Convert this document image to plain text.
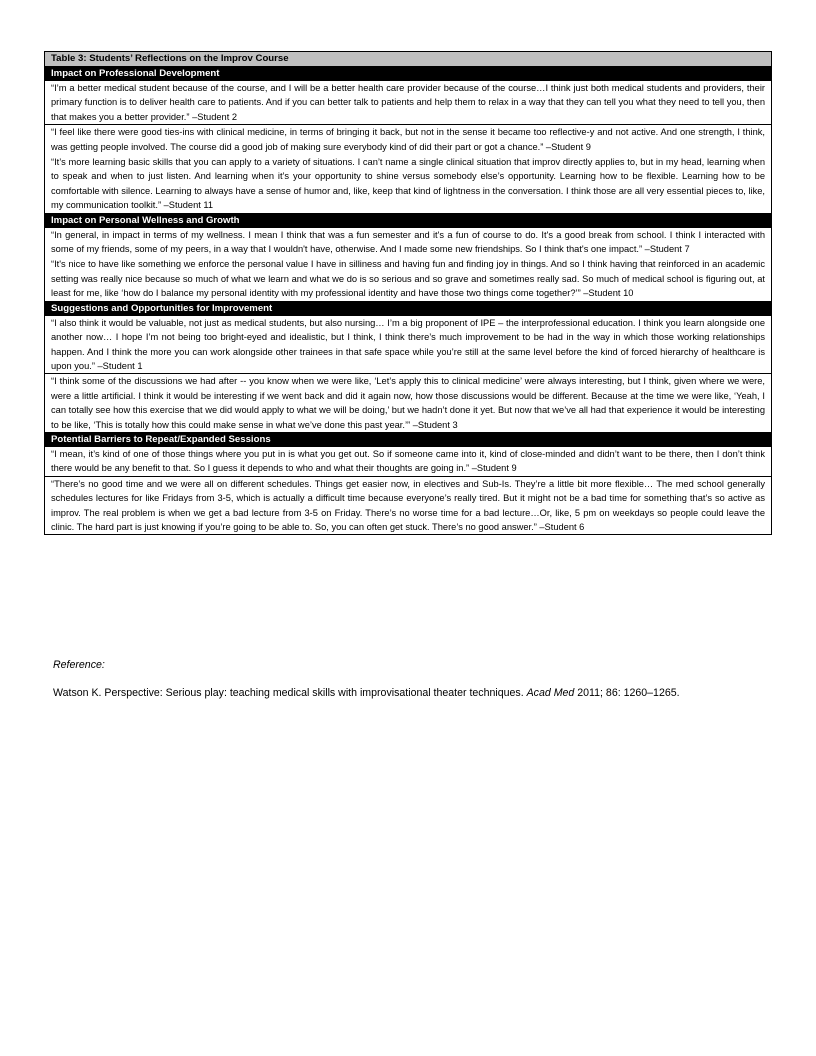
Table 3: Students’ Reflections on the Improv Course
Impact on Professional Development
“I’m a better medical student because of the course, and I will be a better health care provider because of the course…I think just both medical students and providers, their primary function is to deliver health care to patients. And if you can better talk to patients and help them to relax in a way that they can tell you what they need to tell you, then that makes you a better provider.” –Student 2
“I feel like there were good ties-ins with clinical medicine, in terms of bringing it back, but not in the sense it became too reflective-y and not active. And one strength, I think, was getting people involved. The course did a good job of making sure everybody kind of did their part or got a chance.” –Student 9
“It’s more learning basic skills that you can apply to a variety of situations. I can’t name a single clinical situation that improv directly applies to, but in my head, learning when to speak and when to just listen. And learning when it’s your opportunity to shine versus somebody else’s opportunity. Learning how to be flexible. Learning how to be comfortable with silence. Learning to always have a sense of humor and, like, keep that kind of lightness in the conversation. I think those are all very essential pieces to, like, my communication toolkit.” –Student 11
Impact on Personal Wellness and Growth
“In general, in impact in terms of my wellness. I mean I think that was a fun semester and it's a fun of course to do. It's a good break from school. I think I interacted with some of my friends, some of my peers, in a way that I wouldn't have, otherwise. And I made some new friendships. So I think that's one impact.” –Student 7
“It's nice to have like something we enforce the personal value I have in silliness and having fun and finding joy in things. And so I think having that reinforced in an academic setting was really nice because so much of what we learn and what we do is so serious and so grave and sometimes really sad. So much of medical school is figuring out, at least for me, like ‘how do I balance my personal identity with my professional identity and have those two things come together?’” –Student 10
Suggestions and Opportunities for Improvement
“I also think it would be valuable, not just as medical students, but also nursing… I’m a big proponent of IPE – the interprofessional education. I think you learn alongside one another now… I hope I’m not being too bright-eyed and idealistic, but I think, I think there’s much improvement to be had in the way in which those working relationships happen. And I think the more you can work alongside other trainees in that safe space while you’re still at the same level before the kind of forced hierarchy of healthcare is upon you.” –Student 1
“I think some of the discussions we had after -- you know when we were like, ‘Let’s apply this to clinical medicine’ were always interesting, but I think, given where we were, were a little artificial. I think it would be interesting if we went back and did it again now, how those discussions would be different. Because at the time we were like, ‘Yeah, I can totally see how this exercise that we did would apply to what we will be doing,’ but we hadn’t done it yet. But now that we’ve all had that experience it would be interesting to be like, ‘This is totally how this could make sense in what we’ve done this past year.’” –Student 3
Potential Barriers to Repeat/Expanded Sessions
“I mean, it’s kind of one of those things where you put in is what you get out. So if someone came into it, kind of close-minded and didn’t want to be there, then I don’t think there would be any benefit to that. So I guess it depends to who and what their thoughts are going in.” –Student 9
“There’s no good time and we were all on different schedules. Things get easier now, in electives and Sub-Is. They’re a little bit more flexible… The med school generally schedules lectures for like Fridays from 3-5, which is actually a difficult time because everyone’s really tired. But it might not be a bad time for something that’s so active as improv. The real problem is when we get a bad lecture from 3-5 on Friday. There’s no worse time for a bad lecture…Or, like, 5 pm on weekdays so people could leave the clinic. The hard part is just knowing if you’re going to be able to. So, you can often get stuck. There’s no good answer.” –Student 6
Reference:
Watson K. Perspective: Serious play: teaching medical skills with improvisational theater techniques. Acad Med 2011; 86: 1260–1265.
